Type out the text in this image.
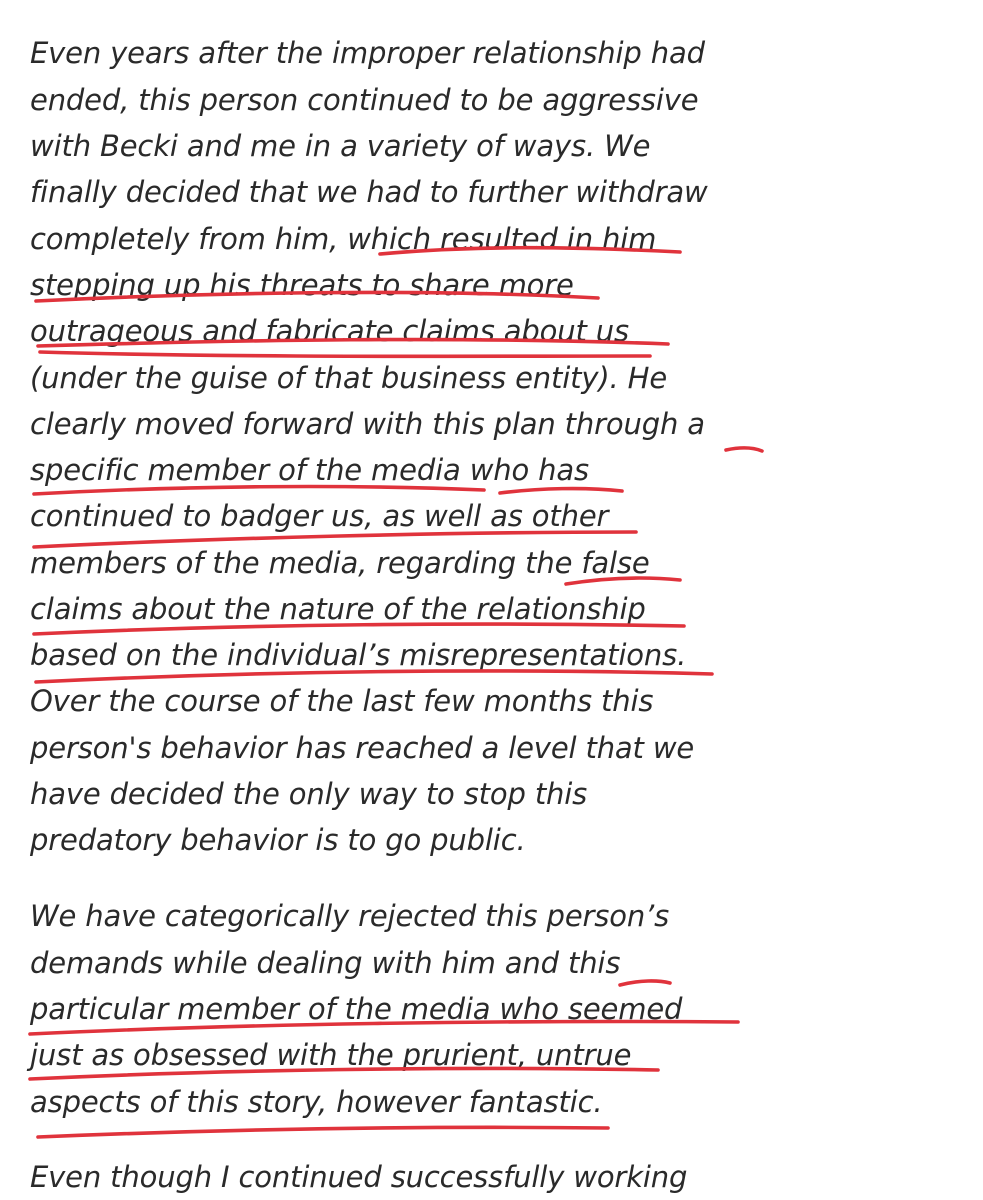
Even years after the improper relationship had

ended, this person continued to be aggressive

with Becki and me in a variety of ways. We

finally decided that we had to further withdraw

completely from him, which resulted in him

stepping up his threats to share more

outrageous and fabricate claims about us

(under the guise of that business entity). He

clearly moved forward with this plan through a

specific member of the media who has

continued to badger us, as well as other

members of the media, regarding the false

claims about the nature of the relationship

based on the individual’s misrepresentations.

Over the course of the last few months this

person's behavior has reached a level that we

have decided the only way to stop this

predatory behavior is to go public.

We have categorically rejected this person’s

demands while dealing with him and this

particular member of the media who seemed

just as obsessed with the prurient, untrue

aspects of this story, however fantastic.

Even though I continued successfully working
